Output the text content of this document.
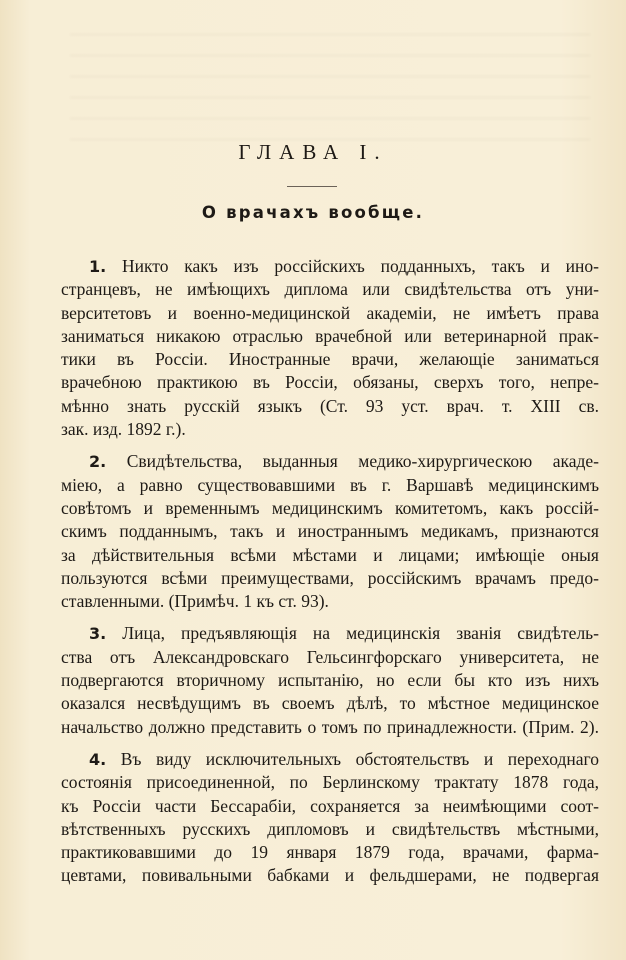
ГЛАВА I.
О врачахъ вообще.
1. Никто какъ изъ россійскихъ подданныхъ, такъ и ино-
странцевъ, не имѣющихъ диплома или свидѣтельства отъ уни-
верситетовъ и военно-медицинской академіи, не имѣетъ права
заниматься никакою отраслью врачебной или ветеринарной прак-
тики въ Россіи. Иностранные врачи, желающіе заниматься
врачебною практикою въ Россіи, обязаны, сверхъ того, непре-
мѣнно знать русскій языкъ (Ст. 93 уст. врач. т. XIII св.
зак. изд. 1892 г.).
2. Свидѣтельства, выданныя медико-хирургическою акаде-
міею, а равно существовавшими въ г. Варшавѣ медицинскимъ
совѣтомъ и временнымъ медицинскимъ комитетомъ, какъ россій-
скимъ подданнымъ, такъ и иностраннымъ медикамъ, признаются
за дѣйствительныя всѣми мѣстами и лицами; имѣющіе оныя
пользуются всѣми преимуществами, россійскимъ врачамъ предо-
ставленными. (Примѣч. 1 къ ст. 93).
3. Лица, предъявляющія на медицинскія званія свидѣтель-
ства отъ Александровскаго Гельсингфорскаго университета, не
подвергаются вторичному испытанію, но если бы кто изъ нихъ
оказался несвѣдущимъ въ своемъ дѣлѣ, то мѣстное медицинское
начальство должно представить о томъ по принадлежности. (Прим. 2).
4. Въ виду исключительныхъ обстоятельствъ и переходнаго
состоянія присоединенной, по Берлинскому трактату 1878 года,
къ Россіи части Бессарабіи, сохраняется за неимѣющими соот-
вѣтственныхъ русскихъ дипломовъ и свидѣтельствъ мѣстными,
практиковавшими до 19 января 1879 года, врачами, фарма-
цевтами, повивальными бабками и фельдшерами, не подвергая
